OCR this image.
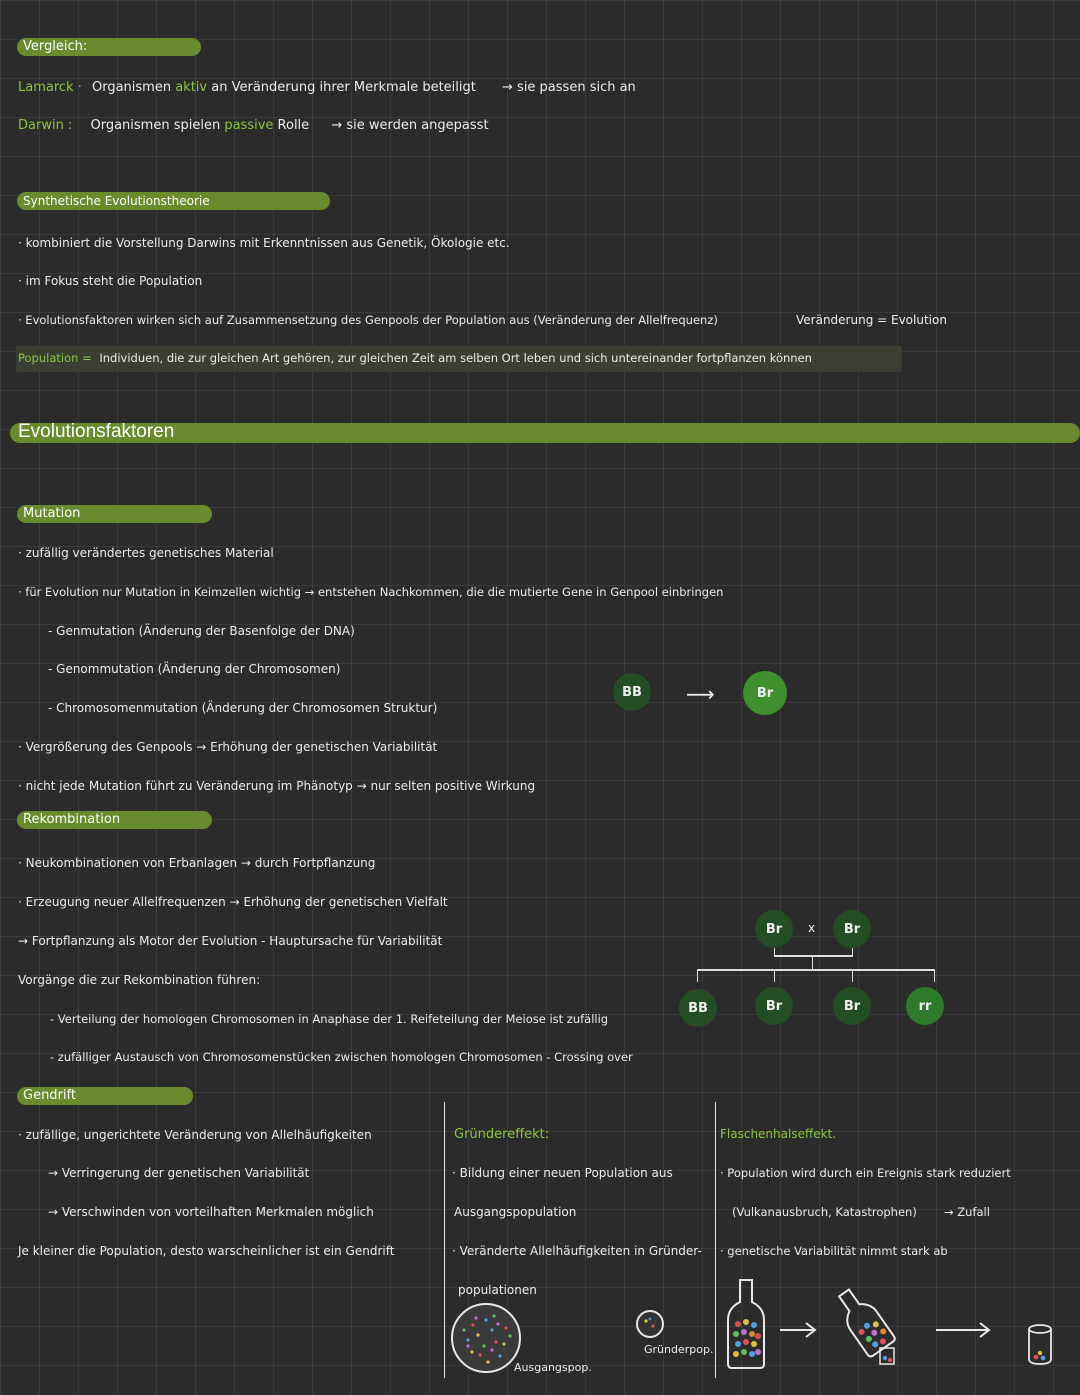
Vergleich:
Lamarck · Organismen aktiv an Veränderung ihrer Merkmale beteiligt → sie passen sich an
Darwin : Organismen spielen passive Rolle → sie werden angepasst
Synthetische Evolutionstheorie
· kombiniert die Vorstellung Darwins mit Erkenntnissen aus Genetik, Ökologie etc.
· im Fokus steht die Population
· Evolutionsfaktoren wirken sich auf Zusammensetzung des Genpools der Population aus (Veränderung der Allelfrequenz)	Veränderung = Evolution
Population = Individuen, die zur gleichen Art gehören, zur gleichen Zeit am selben Ort leben und sich untereinander fortpflanzen können
Evolutionsfaktoren
Mutation
· zufällig verändertes genetisches Material
· für Evolution nur Mutation in Keimzellen wichtig → entstehen Nachkommen, die die mutierte Gene in Genpool einbringen
- Genmutation (Änderung der Basenfolge der DNA)
- Genommutation (Änderung der Chromosomen)
- Chromosomenmutation (Änderung der Chromosomen Struktur)
· Vergrößerung des Genpools → Erhöhung der genetischen Variabilität
· nicht jede Mutation führt zu Veränderung im Phänotyp → nur selten positive Wirkung
BB	⟶	Br
Rekombination
· Neukombinationen von Erbanlagen → durch Fortpflanzung
· Erzeugung neuer Allelfrequenzen → Erhöhung der genetischen Vielfalt
→ Fortpflanzung als Motor der Evolution - Hauptursache für Variabilität
Vorgänge die zur Rekombination führen:
- Verteilung der homologen Chromosomen in Anaphase der 1. Reifeteilung der Meiose ist zufällig
- zufälliger Austausch von Chromosomenstücken zwischen homologen Chromosomen - Crossing over
Br	x	Br
BB	Br	Br	rr
Gendrift
· zufällige, ungerichtete Veränderung von Allelhäufigkeiten
→ Verringerung der genetischen Variabilität
→ Verschwinden von vorteilhaften Merkmalen möglich
Je kleiner die Population, desto warscheinlicher ist ein Gendrift
Gründereffekt:
· Bildung einer neuen Population aus
Ausgangspopulation
· Veränderte Allelhäufigkeiten in Gründer-
populationen
Ausgangspop.
Gründerpop.
Flaschenhalseffekt.
· Population wird durch ein Ereignis stark reduziert
(Vulkanausbruch, Katastrophen) → Zufall
· genetische Variabilität nimmt stark ab
